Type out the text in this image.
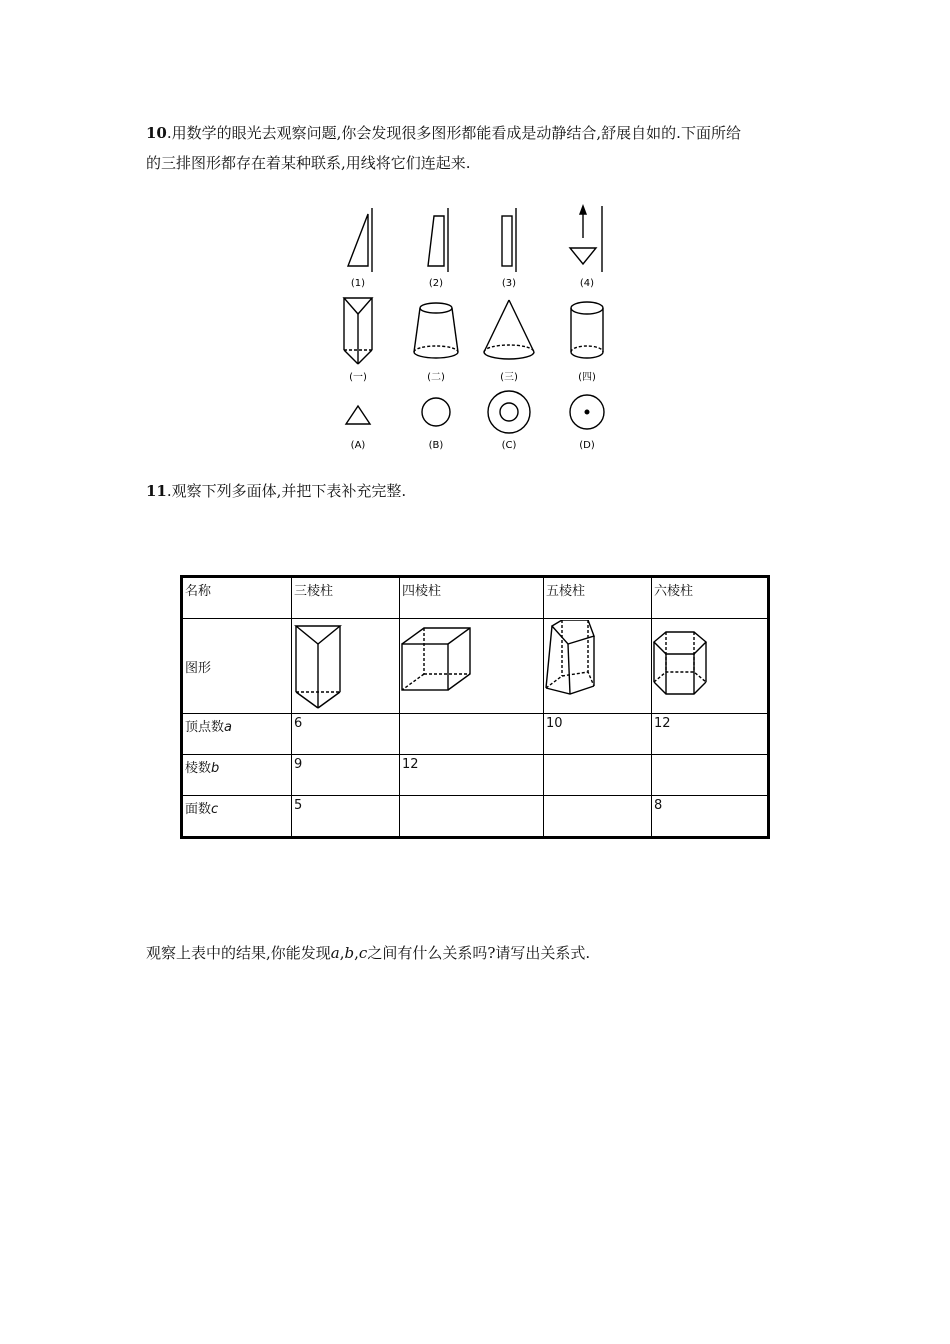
10.用数学的眼光去观察问题,你会发现很多图形都能看成是动静结合,舒展自如的.下面所给
的三排图形都存在着某种联系,用线将它们连起来.

(1)	(2)	(3)	(4)
(一)	(二)	(三)	(四)
(A)	(B)	(C)	(D)

11.观察下列多面体,并把下表补充完整.

名称	三棱柱	四棱柱	五棱柱	六棱柱
图形	

顶点数a	6		10	12
棱数b	9	12		
面数c	5			8

观察上表中的结果,你能发现a,b,c之间有什么关系吗?请写出关系式.
